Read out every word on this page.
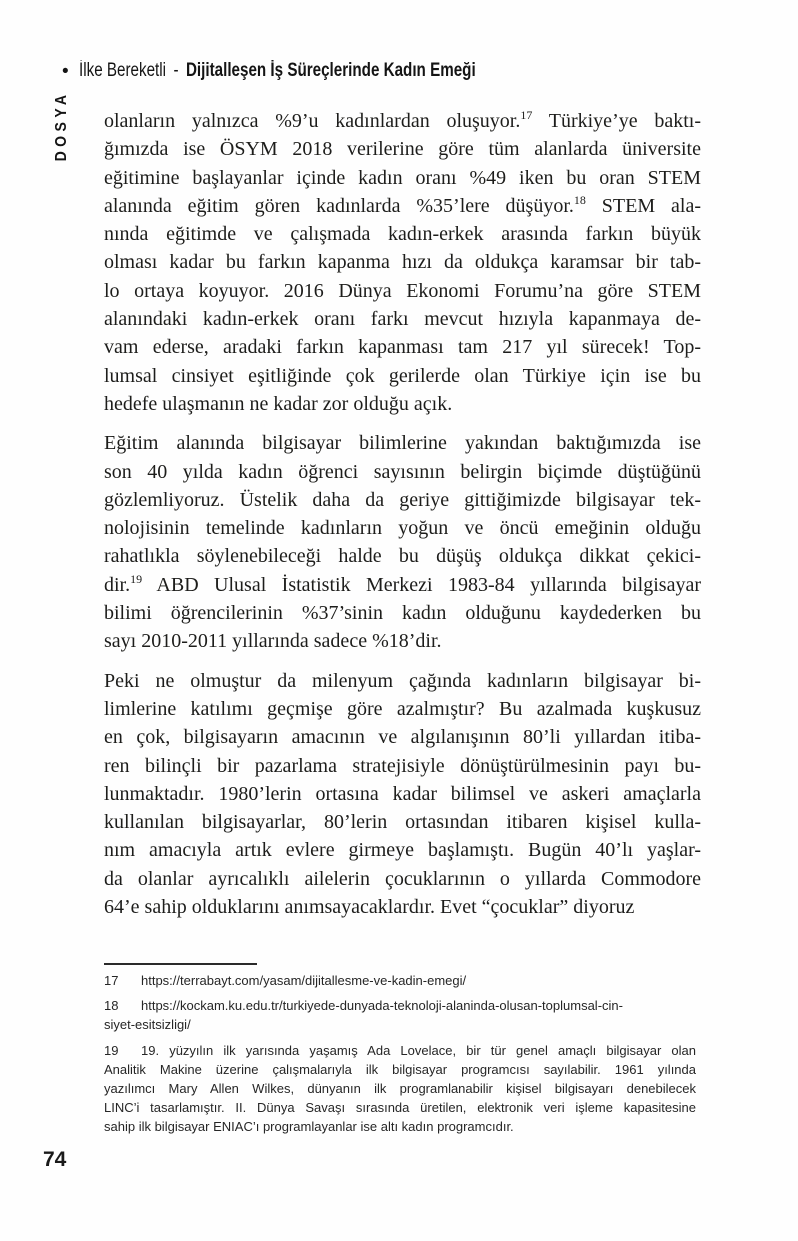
• İlke Bereketli - Dijitalleşen İş Süreçlerinde Kadın Emeği
DOSYA olanların yalnızca %9’u kadınlardan oluşuyor.$^{17}$ Türkiye’ye baktı-
ğımızda ise ÖSYM 2018 verilerine göre tüm alanlarda üniversite
eğitimine başlayanlar içinde kadın oranı %49 iken bu oran STEM
alanında eğitim gören kadınlarda %35’lere düşüyor.$^{18}$ STEM ala-
nında eğitimde ve çalışmada kadın-erkek arasında farkın büyük
olması kadar bu farkın kapanma hızı da oldukça karamsar bir tab-
lo ortaya koyuyor. 2016 Dünya Ekonomi Forumu’na göre STEM
alanındaki kadın-erkek oranı farkı mevcut hızıyla kapanmaya de-
vam ederse, aradaki farkın kapanması tam 217 yıl sürecek! Top-
lumsal cinsiyet eşitliğinde çok gerilerde olan Türkiye için ise bu
hedefe ulaşmanın ne kadar zor olduğu açık.
Eğitim alanında bilgisayar bilimlerine yakından baktığımızda ise
son 40 yılda kadın öğrenci sayısının belirgin biçimde düştüğünü
gözlemliyoruz. Üstelik daha da geriye gittiğimizde bilgisayar tek-
nolojisinin temelinde kadınların yoğun ve öncü emeğinin olduğu
rahatlıkla söylenebileceği halde bu düşüş oldukça dikkat çekici-
dir.$^{19}$ ABD Ulusal İstatistik Merkezi 1983-84 yıllarında bilgisayar
bilimi öğrencilerinin %37’sinin kadın olduğunu kaydederken bu
sayı 2010-2011 yıllarında sadece %18’dir.
Peki ne olmuştur da milenyum çağında kadınların bilgisayar bi-
limlerine katılımı geçmişe göre azalmıştır? Bu azalmada kuşkusuz
en çok, bilgisayarın amacının ve algılanışının 80’li yıllardan itiba-
ren bilinçli bir pazarlama stratejisiyle dönüştürülmesinin payı bu-
lunmaktadır. 1980’lerin ortasına kadar bilimsel ve askeri amaçlarla
kullanılan bilgisayarlar, 80’lerin ortasından itibaren kişisel kulla-
nım amacıyla artık evlere girmeye başlamıştı. Bugün 40’lı yaşlar-
da olanlar ayrıcalıklı ailelerin çocuklarının o yıllarda Commodore
64’e sahip olduklarını anımsayacaklardır. Evet “çocuklar” diyoruz
17 https://terrabayt.com/yasam/dijitallesme-ve-kadin-emegi/
18 https://kockam.ku.edu.tr/turkiyede-dunyada-teknoloji-alaninda-olusan-toplumsal-cin-
siyet-esitsizligi/
19 19. yüzyılın ilk yarısında yaşamış Ada Lovelace, bir tür genel amaçlı bilgisayar olan
Analitik Makine üzerine çalışmalarıyla ilk bilgisayar programcısı sayılabilir. 1961 yılında
yazılımcı Mary Allen Wilkes, dünyanın ilk programlanabilir kişisel bilgisayarı denebilecek
LINC’i tasarlamıştır. II. Dünya Savaşı sırasında üretilen, elektronik veri işleme kapasitesine
sahip ilk bilgisayar ENIAC’ı programlayanlar ise altı kadın programcıdır.
74
